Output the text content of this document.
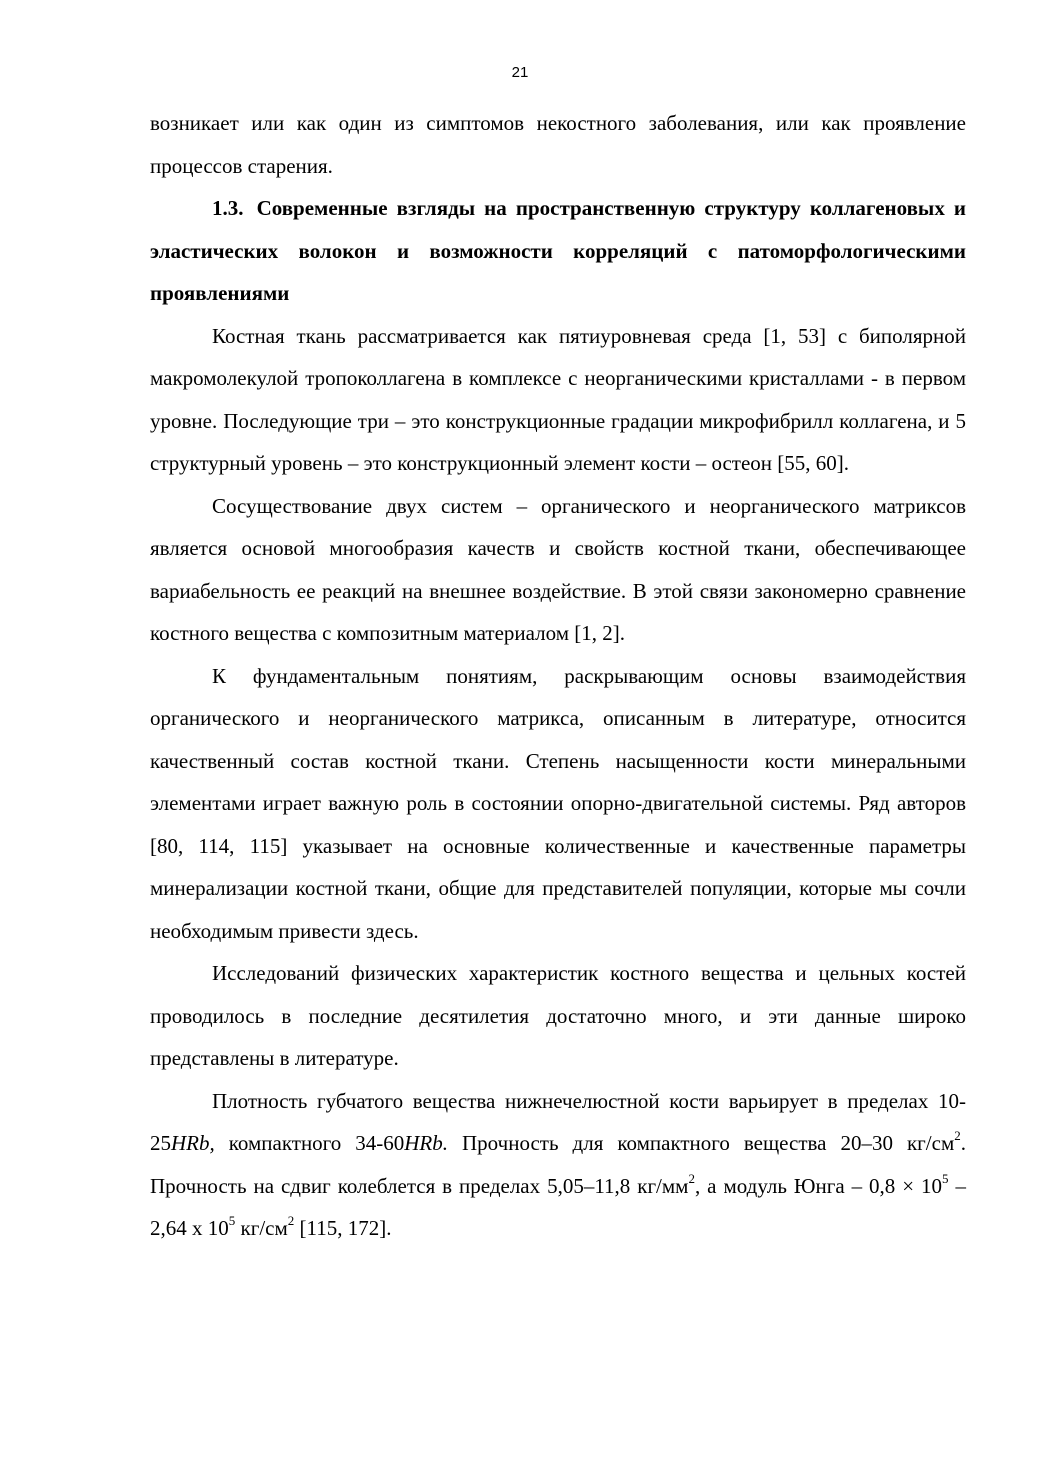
21

возникает или как один из симптомов некостного заболевания, или как проявление процессов старения.

1.3. Современные взгляды на пространственную структуру коллагеновых и эластических волокон и возможности корреляций с патоморфологическими проявлениями

Костная ткань рассматривается как пятиуровневая среда [1, 53] с биполярной макромолекулой тропоколлагена в комплексе с неорганическими кристаллами - в первом уровне. Последующие три – это конструкционные градации микрофибрилл коллагена, и 5 структурный уровень – это конструкционный элемент кости – остеон [55, 60].

Сосуществование двух систем – органического и неорганического матриксов является основой многообразия качеств и свойств костной ткани, обеспечивающее вариабельность ее реакций на внешнее воздействие. В этой связи закономерно сравнение костного вещества с композитным материалом [1, 2].

К фундаментальным понятиям, раскрывающим основы взаимодействия органического и неорганического матрикса, описанным в литературе, относится качественный состав костной ткани. Степень насыщенности кости минеральными элементами играет важную роль в состоянии опорно-двигательной системы. Ряд авторов [80, 114, 115] указывает на основные количественные и качественные параметры минерализации костной ткани, общие для представителей популяции, которые мы сочли необходимым привести здесь.

Исследований физических характеристик костного вещества и цельных костей проводилось в последние десятилетия достаточно много, и эти данные широко представлены в литературе.

Плотность губчатого вещества нижнечелюстной кости варьирует в пределах 10-25HRb, компактного 34-60HRb. Прочность для компактного вещества 20–30 $кг/см^2$. Прочность на сдвиг колеблется в пределах 5,05–11,8 $кг/мм^2$, а модуль Юнга – $0,8 \times 10^5 - 2,64$ х $10^5$ $кг/см^2$ [115, 172].
